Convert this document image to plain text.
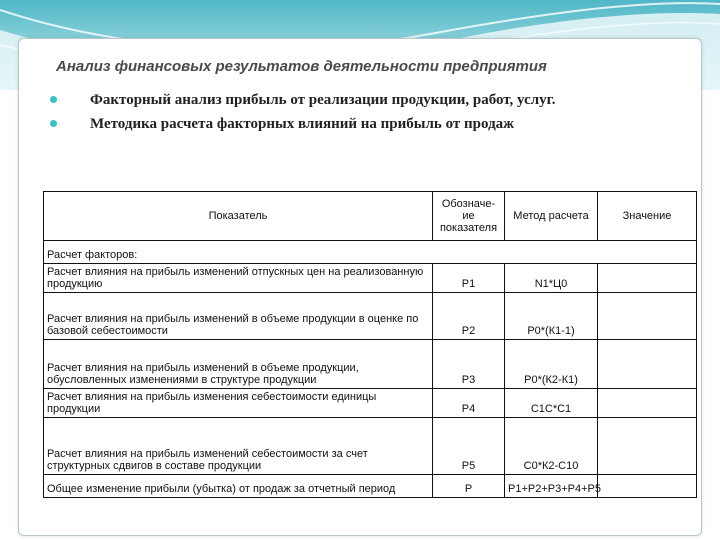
Анализ финансовых результатов деятельности предприятия
Факторный анализ прибыль от реализации продукции, работ, услуг.
Методика расчета факторных влияний на прибыль от продаж
Показатель	Обозначе-ие показателя	Метод расчета	Значение
Расчет факторов:			
Расчет влияния на прибыль изменений отпускных цен на реализованную продукцию	Р1	N1*Ц0	
Расчет влияния на прибыль изменений в объеме продукции в оценке по базовой себестоимости	Р2	Р0*(К1-1)	
Расчет влияния на прибыль изменений в объеме продукции, обусловленных изменениями в структуре продукции	Р3	Р0*(К2-К1)	
Расчет влияния на прибыль изменения себестоимости единицы продукции	Р4	С1С*С1	
Расчет влияния на прибыль изменений себестоимости за счет структурных сдвигов в составе продукции	Р5	С0*К2-С10	
Общее изменение прибыли (убытка) от продаж за отчетный период	Р	Р1+Р2+Р3+Р4+Р5	
